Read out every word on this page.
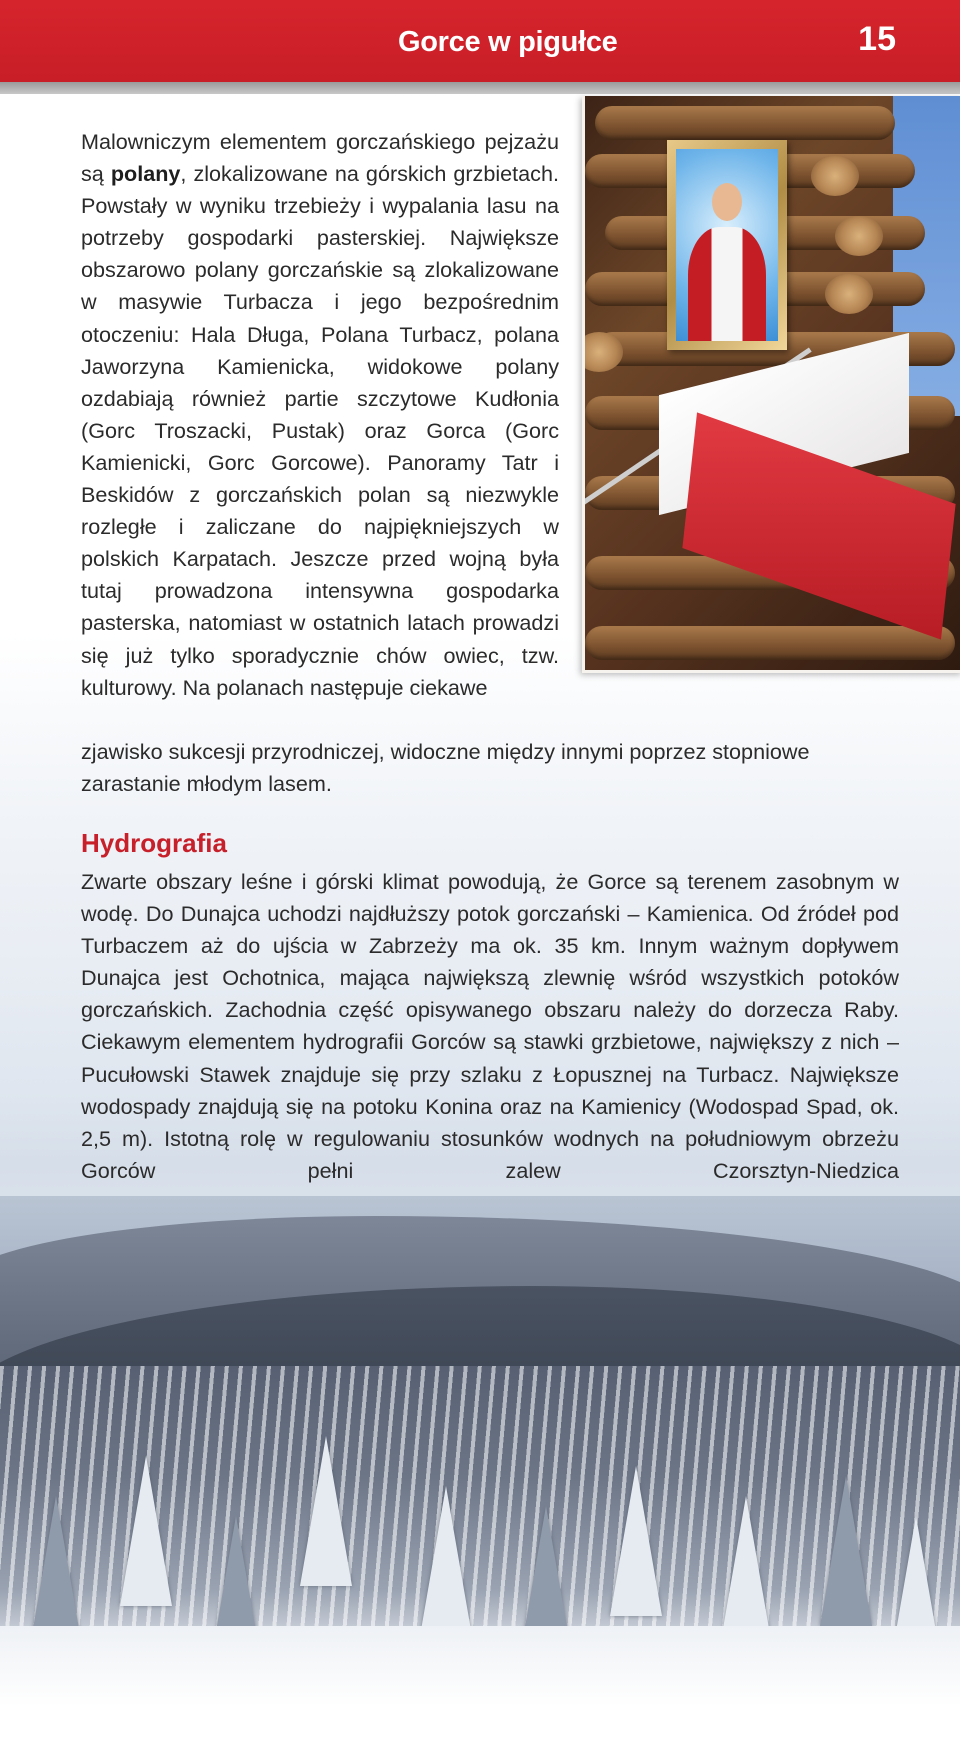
Gorce w pigułce	15

Malowniczym elementem gorczańskiego pejzażu są polany, zlokalizowane na górskich grzbietach. Powstały w wyniku trzebieży i wypalania lasu na potrzeby gospodarki pasterskiej. Największe obszarowo polany gorczańskie są zlokalizowane w masywie Turbacza i jego bezpośrednim otoczeniu: Hala Długa, Polana Turbacz, polana Jaworzyna Kamienicka, widokowe polany ozdabiają również partie szczytowe Kudłonia (Gorc Troszacki, Pustak) oraz Gorca (Gorc Kamienicki, Gorc Gorcowe). Panoramy Tatr i Beskidów z gorczańskich polan są niezwykle rozległe i zaliczane do najpiękniejszych w polskich Karpatach. Jeszcze przed wojną była tutaj prowadzona intensywna gospodarka pasterska, natomiast w ostatnich latach prowadzi się już tylko sporadycznie chów owiec, tzw. kulturowy. Na polanach następuje ciekawe

zjawisko sukcesji przyrodniczej, widoczne między innymi poprzez stopniowe zarastanie młodym lasem.

Hydrografia

Zwarte obszary leśne i górski klimat powodują, że Gorce są terenem zasobnym w wodę. Do Dunajca uchodzi najdłuższy potok gorczański – Kamienica. Od źródeł pod Turbaczem aż do ujścia w Zabrzeży ma ok. 35 km. Innym ważnym dopływem Dunajca jest Ochotnica, mająca największą zlewnię wśród wszystkich potoków gorczańskich. Zachodnia część opisywanego obszaru należy do dorzecza Raby. Ciekawym elementem hydrografii Gorców są stawki grzbietowe, największy z nich – Pucułowski Stawek znajduje się przy szlaku z Łopusznej na Turbacz. Największe wodospady znajdują się na potoku Konina oraz na Kamienicy (Wodospad Spad, ok. 2,5 m). Istotną rolę w regulowaniu stosunków wodnych na południowym obrzeżu Gorców pełni zalew Czorsztyn-Niedzica
